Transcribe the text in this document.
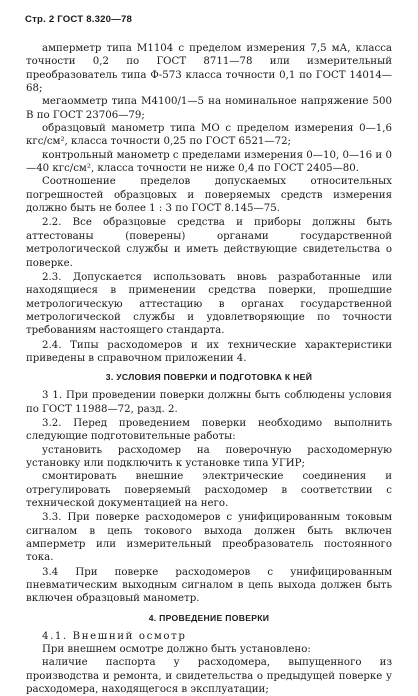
Стр. 2 ГОСТ 8.320—78

амперметр типа М1104 с пределом измерения 7,5 мА, класса точности 0,2 по ГОСТ 8711—78 или измерительный преобразователь типа Ф-573 класса точности 0,1 по ГОСТ 14014—68;

мегаомметр типа М4100/1—5 на номинальное напряжение 500 В по ГОСТ 23706—79;

образцовый манометр типа МО с пределом измерения 0—1,6 кгс/см², класса точности 0,25 по ГОСТ 6521—72;

контрольный манометр с пределами измерения 0—10, 0—16 и 0—40 кгс/см², класса точности не ниже 0,4 по ГОСТ 2405—80.

Соотношение пределов допускаемых относительных погрешностей образцовых и поверяемых средств измерения должно быть не более 1 : 3 по ГОСТ 8.145—75.

2.2. Все образцовые средства и приборы должны быть аттестованы (поверены) органами государственной метрологической службы и иметь действующие свидетельства о поверке.

2.3. Допускается использовать вновь разработанные или находящиеся в применении средства поверки, прошедшие метрологическую аттестацию в органах государственной метрологической службы и удовлетворяющие по точности требованиям настоящего стандарта.

2.4. Типы расходомеров и их технические характеристики приведены в справочном приложении 4.

3. УСЛОВИЯ ПОВЕРКИ И ПОДГОТОВКА К НЕЙ

3 1. При проведении поверки должны быть соблюдены условия по ГОСТ 11988—72, разд. 2.

3.2. Перед проведением поверки необходимо выполнить следующие подготовительные работы:

установить расходомер на поверочную расходомерную установку или подключить к установке типа УГИР;

смонтировать внешние электрические соединения и отрегулировать поверяемый расходомер в соответствии с технической документацией на него.

3.3. При поверке расходомеров с унифицированным токовым сигналом в цепь токового выхода должен быть включен амперметр или измерительный преобразователь постоянного тока.

3.4 При поверке расходомеров с унифицированным пневматическим выходным сигналом в цепь выхода должен быть включен образцовый манометр.

4. ПРОВЕДЕНИЕ ПОВЕРКИ

4.1. Внешний осмотр

При внешнем осмотре должно быть установлено:

наличие паспорта у расходомера, выпущенного из производства и ремонта, и свидетельства о предыдущей поверке у расходомера, находящегося в эксплуатации;
